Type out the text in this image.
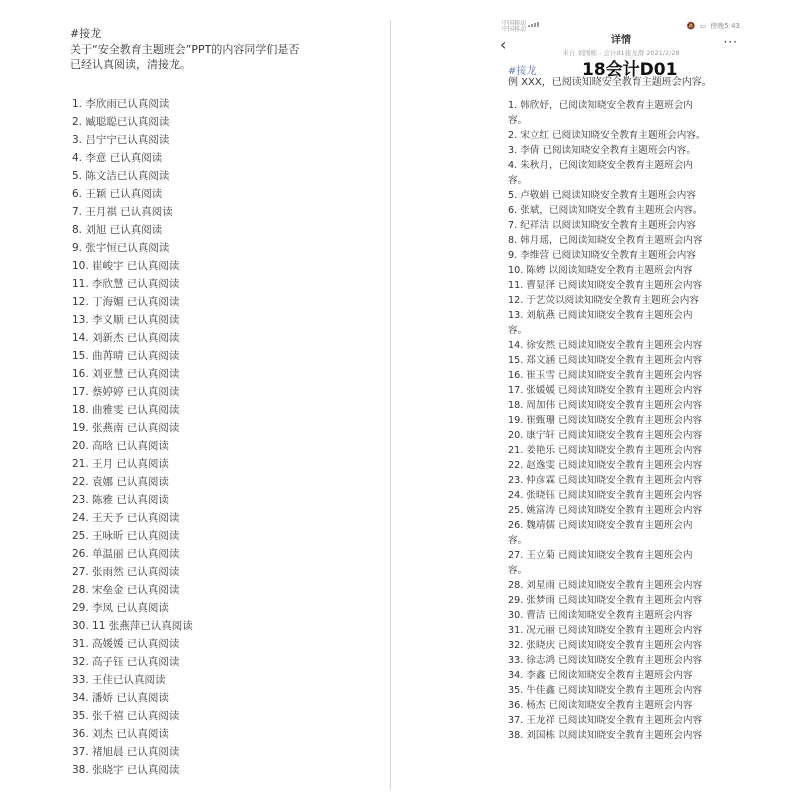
#接龙
关于“安全教育主题班会”PPT的内容同学们是否
已经认真阅读，清接龙。
1. 李欣雨已认真阅读
2. 臧聪聪已认真阅读
3. 吕宁宁已认真阅读
4. 李意 已认真阅读
5. 陈文洁已认真阅读
6. 王颖 已认真阅读
7. 王月祺 已认真阅读
8. 刘旭 已认真阅读
9. 张宇恒已认真阅读
10. 崔峻宇 已认真阅读
11. 李欣慧 已认真阅读
12. 丁海媚 已认真阅读
13. 李义顺 已认真阅读
14. 刘新杰 已认真阅读
15. 曲苒晴 已认真阅读
16. 刘亚慧 已认真阅读
17. 蔡婷婷 已认真阅读
18. 曲雅雯 已认真阅读
19. 张燕南 已认真阅读
20. 高晗 已认真阅读
21. 王月 已认真阅读
22. 袁娜 已认真阅读
23. 陈雅 已认真阅读
24. 王天予 已认真阅读
25. 王咏昕 已认真阅读
26. 单温丽 已认真阅读
27. 张雨然 已认真阅读
28. 宋垒金 已认真阅读
29. 李凤 已认真阅读
30. 11 张燕萍已认真阅读
31. 高媛媛 已认真阅读
32. 高子钰 已认真阅读
33. 王佳已认真阅读
34. 潘娇 已认真阅读
35. 张千禧 已认真阅读
36. 刘杰 已认真阅读
37. 褚旭晨 已认真阅读
38. 张晓宇 已认真阅读
中国移动
中国移动	🔕 ▭ 傍晚5:43
‹	详情	···
来自 刘国栋 - 会计d1接龙群 2021/2/28
#接龙	18会计D01
例 XXX，已阅读知晓安全教育主题班会内容。
1. 韩欣妤，已阅读知晓安全教育主题班会内
容。
2. 宋立红 已阅读知晓安全教育主题班会内容。
3. 李倩 已阅读知晓安全教育主题班会内容。
4. 朱秋月，已阅读知晓安全教育主题班会内
容。
5. 卢敬娟 已阅读知晓安全教育主题班会内容
6. 张斌，已阅读知晓安全教育主题班会内容。
7. 纪祥洁 以阅读知晓安全教育主题班会内容
8. 韩月瑶，已阅读知晓安全教育主题班会内容
9. 李维营 已阅读知晓安全教育主题班会内容
10. 陈娉 以阅读知晓安全教育主题班会内容
11. 曹显泽 已阅读知晓安全教育主题班会内容
12. 于艺荧以阅读知晓安全教育主题班会内容
13. 刘航燕 已阅读知晓安全教育主题班会内
容。
14. 徐安然 已阅读知晓安全教育主题班会内容
15. 郑文涵 已阅读知晓安全教育主题班会内容
16. 崔玉雪 已阅读知晓安全教育主题班会内容
17. 张媛媛 已阅读知晓安全教育主题班会内容
18. 周加伟 已阅读知晓安全教育主题班会内容
19. 崔甄珊 已阅读知晓安全教育主题班会内容
20. 康宁轩 已阅读知晓安全教育主题班会内容
21. 姜艳乐 已阅读知晓安全教育主题班会内容
22. 赵逸雯 已阅读知晓安全教育主题班会内容
23. 仲彦霖 已阅读知晓安全教育主题班会内容
24. 张晓钰 已阅读知晓安全教育主题班会内容
25. 姚富涛 已阅读知晓安全教育主题班会内容
26. 魏靖儒 已阅读知晓安全教育主题班会内
容。
27. 王立菊 已阅读知晓安全教育主题班会内
容。
28. 刘星雨 已阅读知晓安全教育主题班会内容
29. 张梦雨 已阅读知晓安全教育主题班会内容
30. 曹洁 已阅读知晓安全教育主题班会内容
31. 况元丽 已阅读知晓安全教育主题班会内容
32. 张晓庆 已阅读知晓安全教育主题班会内容
33. 徐志鸿 已阅读知晓安全教育主题班会内容
34. 李鑫 已阅读知晓安全教育主题班会内容
35. 牛佳鑫 已阅读知晓安全教育主题班会内容
36. 杨杰 已阅读知晓安全教育主题班会内容
37. 王龙祥 已阅读知晓安全教育主题班会内容
38. 刘国栋 以阅读知晓安全教育主题班会内容
